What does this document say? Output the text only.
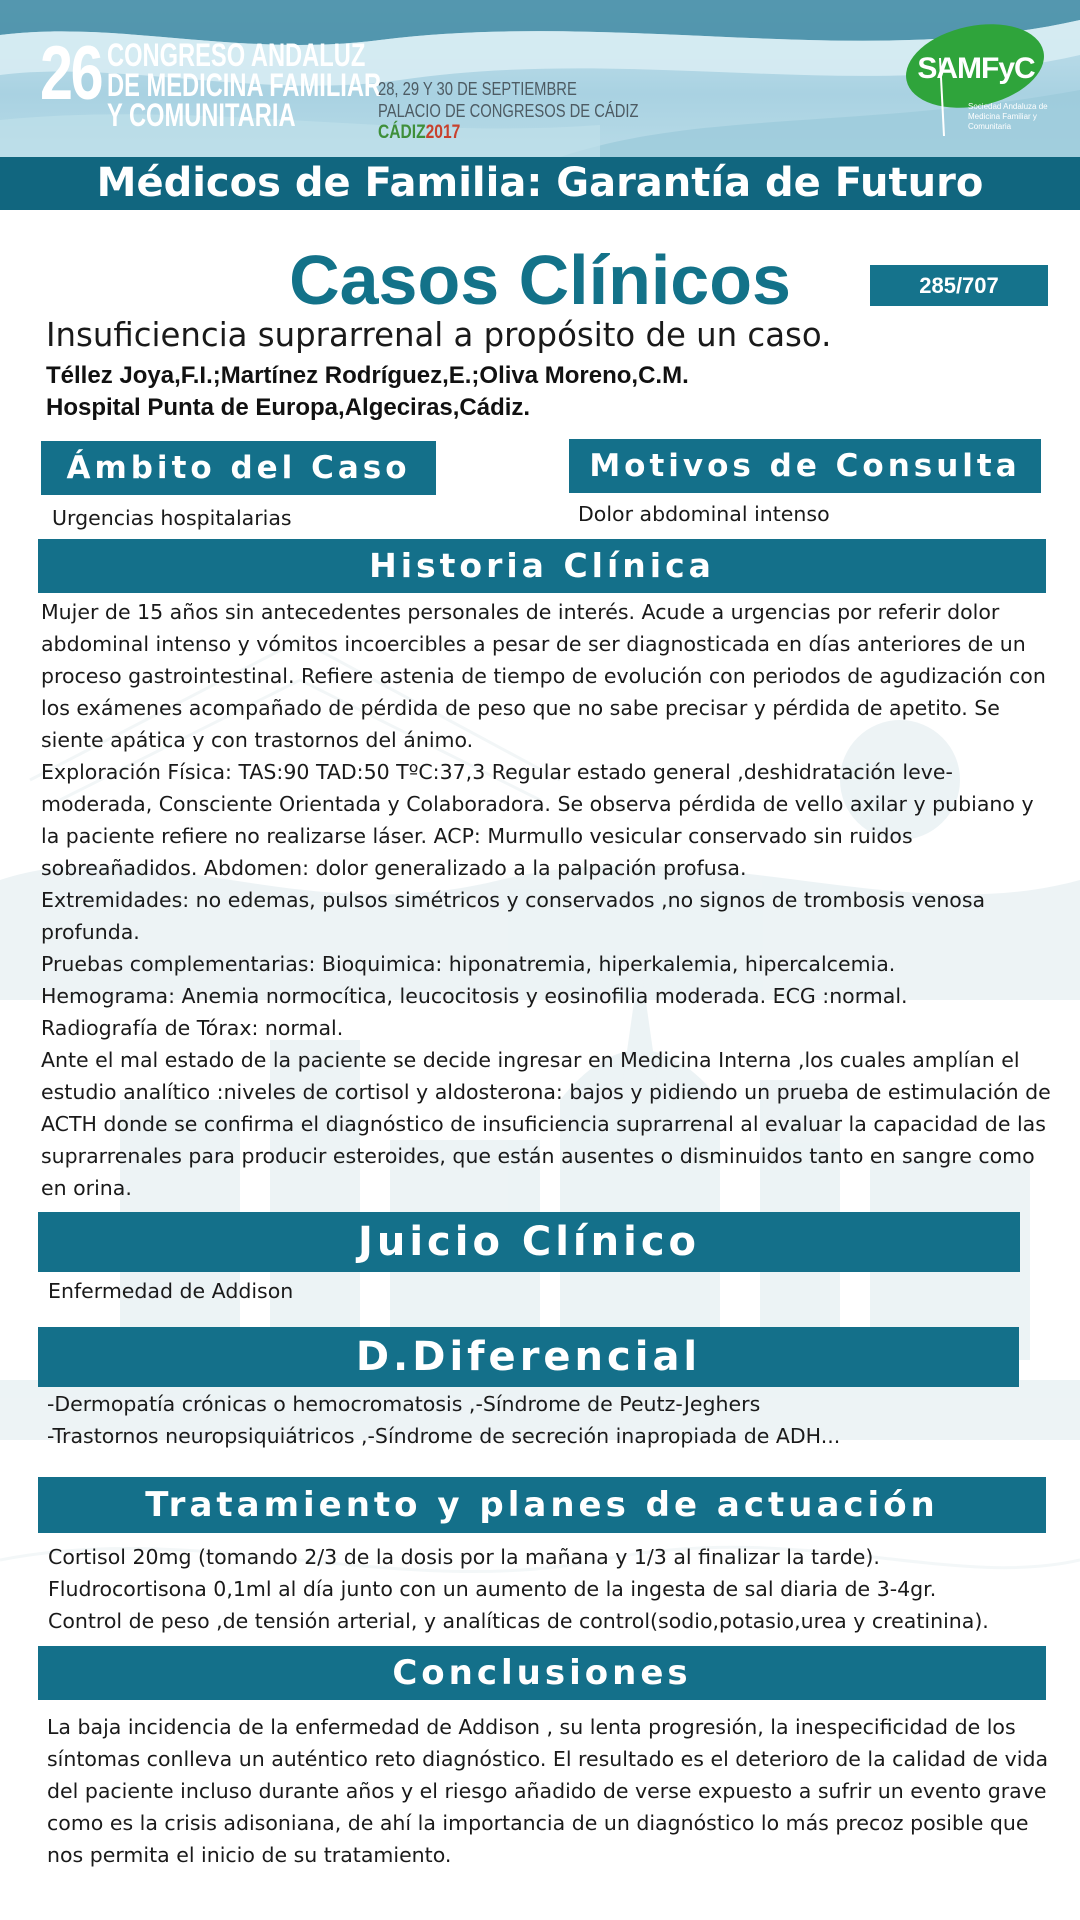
26 CONGRESO ANDALUZ
DE MEDICINA FAMILIAR
Y COMUNITARIA
28, 29 Y 30 DE SEPTIEMBRE
PALACIO DE CONGRESOS DE CÁDIZ
CÁDIZ2017
SAMFyC
Sociedad Andaluza de Medicina Familiar y Comunitaria
Médicos de Familia: Garantía de Futuro
Casos Clínicos	285/707
Insuficiencia suprarrenal a propósito de un caso.
Téllez Joya,F.I.;Martínez Rodríguez,E.;Oliva Moreno,C.M.
Hospital Punta de Europa,Algeciras,Cádiz.
Ámbito del Caso
Urgencias hospitalarias
Motivos de Consulta
Dolor abdominal intenso
Historia Clínica

Mujer de 15 años sin antecedentes personales de interés. Acude a urgencias por referir dolor abdominal intenso y vómitos incoercibles a pesar de ser diagnosticada en días anteriores de un proceso gastrointestinal. Refiere astenia de tiempo de evolución con periodos de agudización con los exámenes acompañado de pérdida de peso que no sabe precisar y pérdida de apetito. Se siente apática y con trastornos del ánimo.

Exploración Física: TAS:90 TAD:50 TºC:37,3 Regular estado general ,deshidratación leve-moderada, Consciente Orientada y Colaboradora. Se observa pérdida de vello axilar y pubiano y la paciente refiere no realizarse láser. ACP: Murmullo vesicular conservado sin ruidos sobreañadidos. Abdomen: dolor generalizado a la palpación profusa.

Extremidades: no edemas, pulsos simétricos y conservados ,no signos de trombosis venosa profunda.

Pruebas complementarias: Bioquimica: hiponatremia, hiperkalemia, hipercalcemia.

Hemograma: Anemia normocítica, leucocitosis y eosinofilia moderada. ECG :normal.

Radiografía de Tórax: normal.

Ante el mal estado de la paciente se decide ingresar en Medicina Interna ,los cuales amplían el estudio analítico :niveles de cortisol y aldosterona: bajos y pidiendo un prueba de estimulación de ACTH donde se confirma el diagnóstico de insuficiencia suprarrenal al evaluar la capacidad de las suprarrenales para producir esteroides, que están ausentes o disminuidos tanto en sangre como en orina.

Juicio Clínico
Enfermedad de Addison
D.Diferencial

-Dermopatía crónicas o hemocromatosis ,-Síndrome de Peutz-Jeghers

-Trastornos neuropsiquiátricos ,-Síndrome de secreción inapropiada de ADH...

Tratamiento y planes de actuación

Cortisol 20mg (tomando 2/3 de la dosis por la mañana y 1/3 al finalizar la tarde).

Fludrocortisona 0,1ml al día junto con un aumento de la ingesta de sal diaria de 3-4gr.

Control de peso ,de tensión arterial, y analíticas de control(sodio,potasio,urea y creatinina).

Conclusiones
La baja incidencia de la enfermedad de Addison , su lenta progresión, la inespecificidad de los síntomas conlleva un auténtico reto diagnóstico. El resultado es el deterioro de la calidad de vida del paciente incluso durante años y el riesgo añadido de verse expuesto a sufrir un evento grave como es la crisis adisoniana, de ahí la importancia de un diagnóstico lo más precoz posible que nos permita el inicio de su tratamiento.
